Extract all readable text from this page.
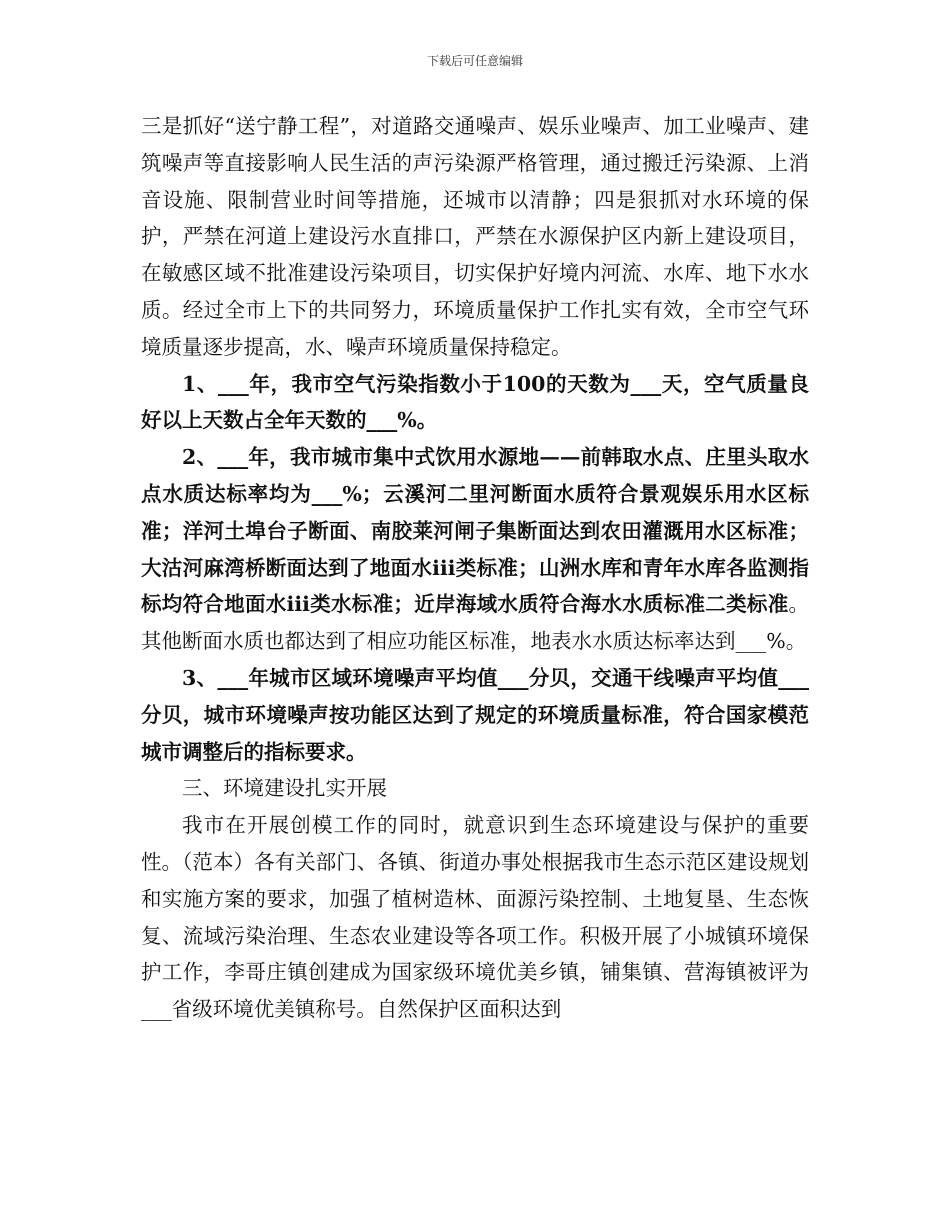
下载后可任意编辑

三是抓好“送宁静工程”，对道路交通噪声、娱乐业噪声、加工业噪声、建筑噪声等直接影响人民生活的声污染源严格管理，通过搬迁污染源、上消音设施、限制营业时间等措施，还城市以清静；四是狠抓对水环境的保护，严禁在河道上建设污水直排口，严禁在水源保护区内新上建设项目，在敏感区域不批准建设污染项目，切实保护好境内河流、水库、地下水水质。经过全市上下的共同努力，环境质量保护工作扎实有效，全市空气环境质量逐步提高，水、噪声环境质量保持稳定。

1、___年，我市空气污染指数小于100的天数为___天，空气质量良好以上天数占全年天数的___%。

2、___年，我市城市集中式饮用水源地——前韩取水点、庄里头取水点水质达标率均为___%；云溪河二里河断面水质符合景观娱乐用水区标准；洋河土埠台子断面、南胶莱河闸子集断面达到农田灌溉用水区标准；大沽河麻湾桥断面达到了地面水ⅲ类标准；山洲水库和青年水库各监测指标均符合地面水iii类水标准；近岸海域水质符合海水水质标准二类标准。其他断面水质也都达到了相应功能区标准，地表水水质达标率达到___%。

3、___年城市区域环境噪声平均值___分贝，交通干线噪声平均值___分贝，城市环境噪声按功能区达到了规定的环境质量标准，符合国家模范城市调整后的指标要求。

三、环境建设扎实开展

我市在开展创模工作的同时，就意识到生态环境建设与保护的重要性。（范本）各有关部门、各镇、街道办事处根据我市生态示范区建设规划和实施方案的要求，加强了植树造林、面源污染控制、土地复垦、生态恢复、流域污染治理、生态农业建设等各项工作。积极开展了小城镇环境保护工作，李哥庄镇创建成为国家级环境优美乡镇，铺集镇、营海镇被评为___省级环境优美镇称号。自然保护区面积达到
